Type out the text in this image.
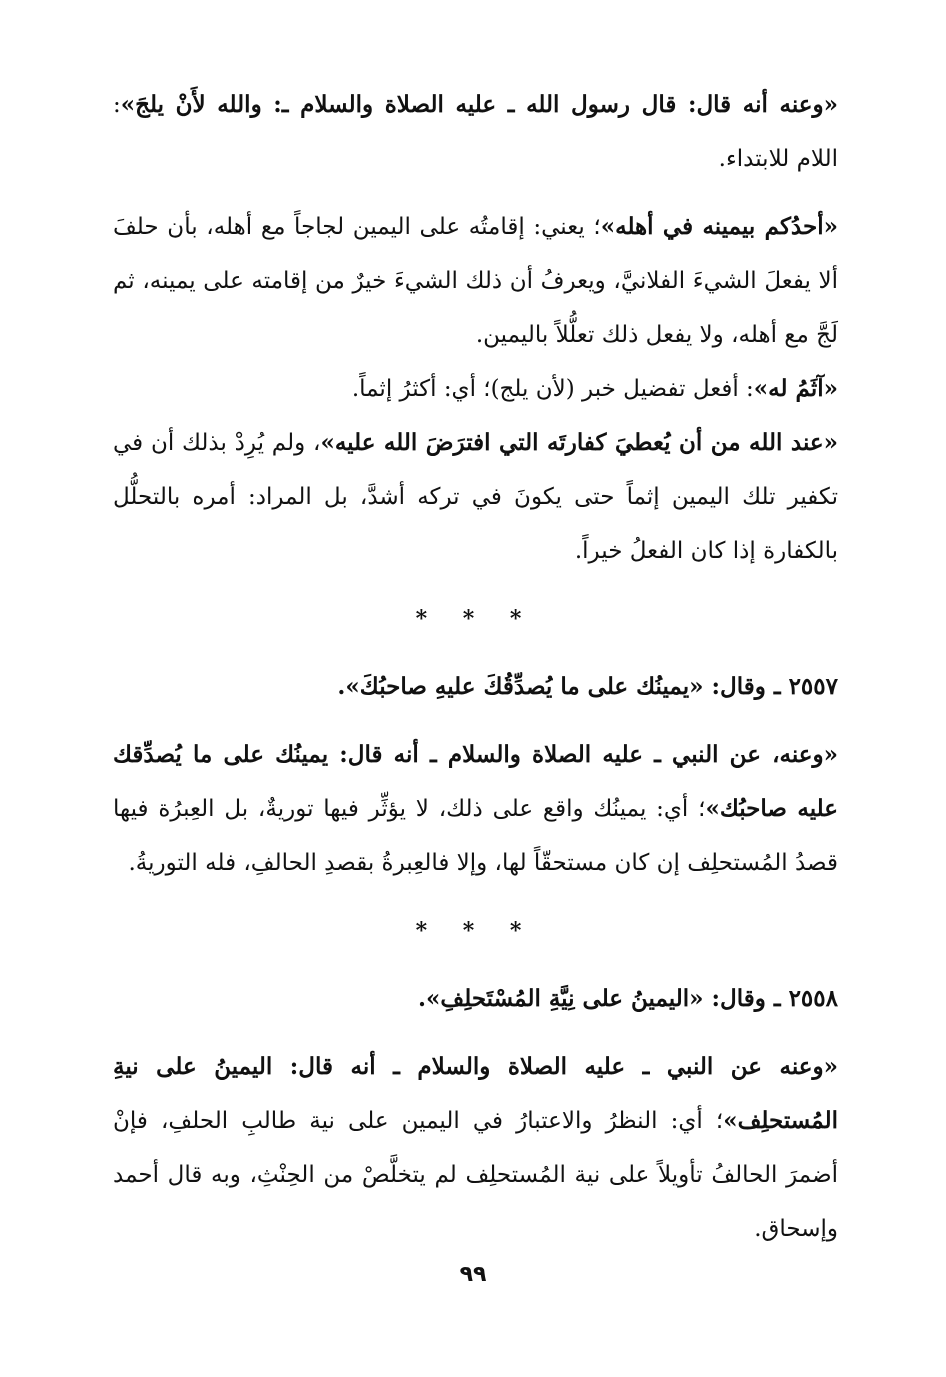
«وعنه أنه قال: قال رسول الله ـ عليه الصلاة والسلام ـ: والله لأَنْ يلجَ»: اللام للابتداء.

«أحدُكم بيمينه في أهله»؛ يعني: إقامتُه على اليمين لجاجاً مع أهله، بأن حلفَ ألا يفعلَ الشيءَ الفلانيَّ، ويعرفُ أن ذلك الشيءَ خيرٌ من إقامته على يمينه، ثم لَجَّ مع أهله، ولا يفعل ذلك تعلُّلاً باليمين.

«آثَمُ له»: أفعل تفضيل خبر (لأن يلج)؛ أي: أكثرُ إثماً.

«عند الله من أن يُعطيَ كفارتَه التي افترَضَ الله عليه»، ولم يُرِدْ بذلك أن في تكفير تلك اليمين إثماً حتى يكونَ في تركه أشدَّ، بل المراد: أمره بالتحلُّل بالكفارة إذا كان الفعلُ خيراً.

* * *

٢٥٥٧ ـ وقال: «يمينُك على ما يُصدِّقُكَ عليهِ صاحبُكَ».

«وعنه، عن النبي ـ عليه الصلاة والسلام ـ أنه قال: يمينُك على ما يُصدِّقك عليه صاحبُك»؛ أي: يمينُك واقع على ذلك، لا يؤثِّر فيها توريةٌ، بل العِبرُة فيها قصدُ المُستحلِف إن كان مستحقّاً لها، وإلا فالعِبرةُ بقصدِ الحالفِ، فله التوريةُ.

* * *

٢٥٥٨ ـ وقال: «اليمينُ على نِيَّةِ المُسْتَحلِفِ».

«وعنه عن النبي ـ عليه الصلاة والسلام ـ أنه قال: اليمينُ على نيةِ المُستحلِف»؛ أي: النظرُ والاعتبارُ في اليمين على نية طالبِ الحلفِ، فإنْ أضمرَ الحالفُ تأويلاً على نية المُستحلِف لم يتخلَّصْ من الحِنْثِ، وبه قال أحمد وإسحاق.

٩٩
